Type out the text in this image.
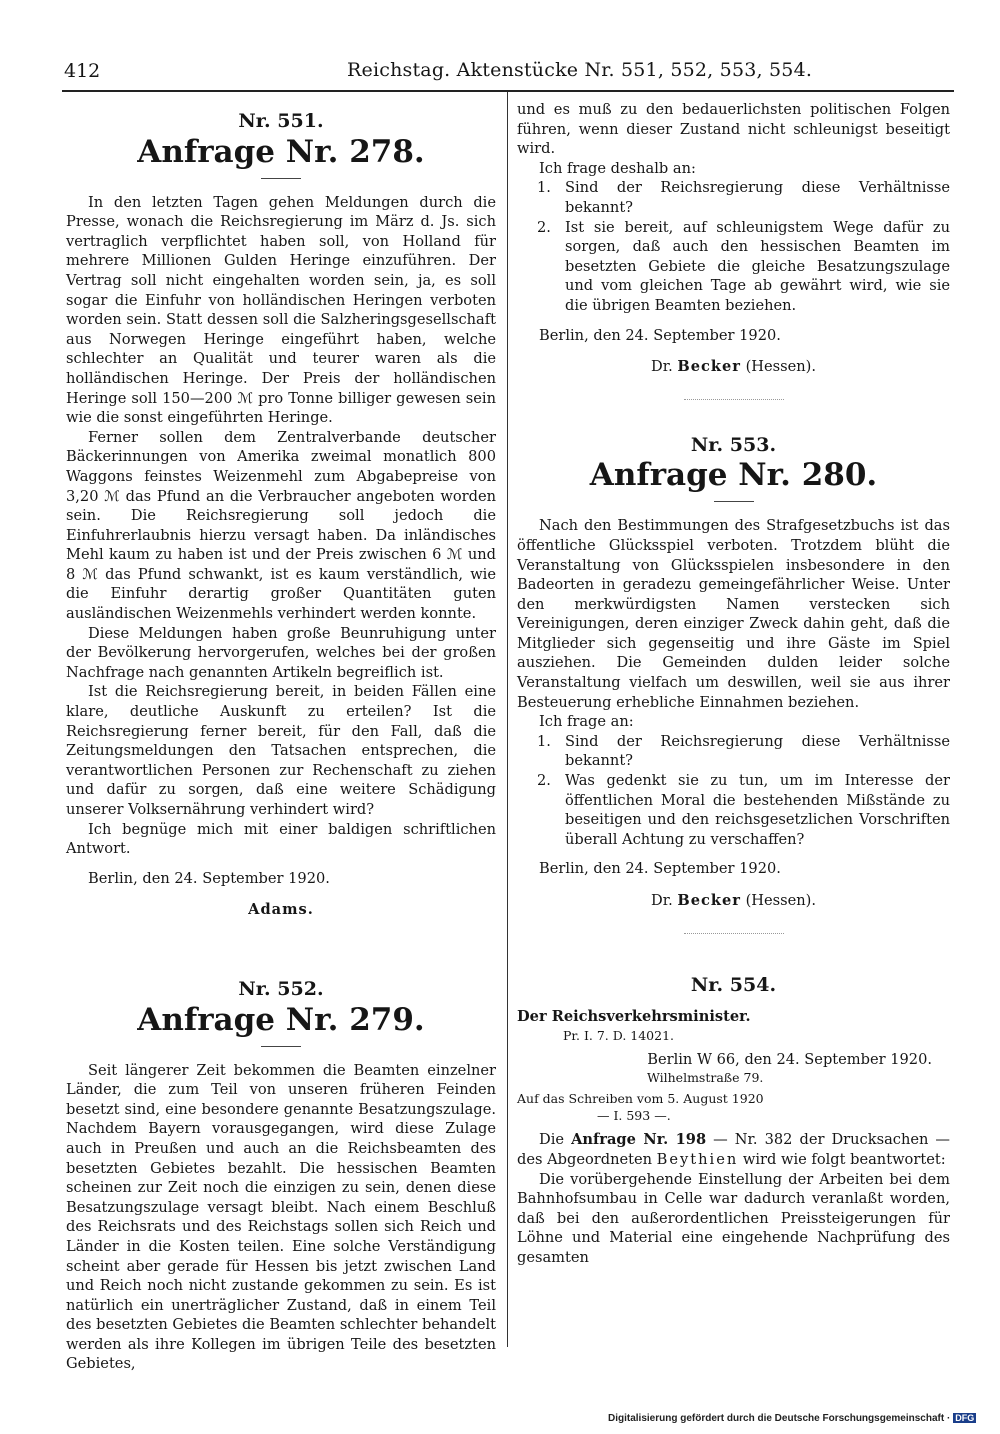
412	Reichstag. Aktenstücke Nr. 551, 552, 553, 554.

Nr. 551.

Anfrage Nr. 278.

In den letzten Tagen gehen Meldungen durch die Presse, wonach die Reichsregierung im März d. Js. sich vertraglich verpflichtet haben soll, von Holland für mehrere Millionen Gulden Heringe einzuführen. Der Vertrag soll nicht eingehalten worden sein, ja, es soll sogar die Einfuhr von holländischen Heringen verboten worden sein. Statt dessen soll die Salzheringsgesellschaft aus Norwegen Heringe eingeführt haben, welche schlechter an Qualität und teurer waren als die holländischen Heringe. Der Preis der holländischen Heringe soll 150—200 ℳ pro Tonne billiger gewesen sein wie die sonst eingeführten Heringe.

Ferner sollen dem Zentralverbande deutscher Bäckerinnungen von Amerika zweimal monatlich 800 Waggons feinstes Weizenmehl zum Abgabepreise von 3,20 ℳ das Pfund an die Verbraucher angeboten worden sein. Die Reichsregierung soll jedoch die Einfuhrerlaubnis hierzu versagt haben. Da inländisches Mehl kaum zu haben ist und der Preis zwischen 6 ℳ und 8 ℳ das Pfund schwankt, ist es kaum verständlich, wie die Einfuhr derartig großer Quantitäten guten ausländischen Weizenmehls verhindert werden konnte.

Diese Meldungen haben große Beunruhigung unter der Bevölkerung hervorgerufen, welches bei der großen Nachfrage nach genannten Artikeln begreiflich ist.

Ist die Reichsregierung bereit, in beiden Fällen eine klare, deutliche Auskunft zu erteilen? Ist die Reichsregierung ferner bereit, für den Fall, daß die Zeitungsmeldungen den Tatsachen entsprechen, die verantwortlichen Personen zur Rechenschaft zu ziehen und dafür zu sorgen, daß eine weitere Schädigung unserer Volksernährung verhindert wird?

Ich begnüge mich mit einer baldigen schriftlichen Antwort.

Berlin, den 24. September 1920.

Adams.

Nr. 552.

Anfrage Nr. 279.

Seit längerer Zeit bekommen die Beamten einzelner Länder, die zum Teil von unseren früheren Feinden besetzt sind, eine besondere genannte Besatzungszulage. Nachdem Bayern vorausgegangen, wird diese Zulage auch in Preußen und auch an die Reichsbeamten des besetzten Gebietes bezahlt. Die hessischen Beamten scheinen zur Zeit noch die einzigen zu sein, denen diese Besatzungszulage versagt bleibt. Nach einem Beschluß des Reichsrats und des Reichstags sollen sich Reich und Länder in die Kosten teilen. Eine solche Verständigung scheint aber gerade für Hessen bis jetzt zwischen Land und Reich noch nicht zustande gekommen zu sein. Es ist natürlich ein unerträglicher Zustand, daß in einem Teil des besetzten Gebietes die Beamten schlechter behandelt werden als ihre Kollegen im übrigen Teile des besetzten Gebietes,

und es muß zu den bedauerlichsten politischen Folgen führen, wenn dieser Zustand nicht schleunigst beseitigt wird.

Ich frage deshalb an:

1. Sind der Reichsregierung diese Verhältnisse bekannt?
2. Ist sie bereit, auf schleunigstem Wege dafür zu sorgen, daß auch den hessischen Beamten im besetzten Gebiete die gleiche Besatzungszulage und vom gleichen Tage ab gewährt wird, wie sie die übrigen Beamten beziehen.

Berlin, den 24. September 1920.

Dr. Becker (Hessen).

Nr. 553.

Anfrage Nr. 280.

Nach den Bestimmungen des Strafgesetzbuchs ist das öffentliche Glücksspiel verboten. Trotzdem blüht die Veranstaltung von Glücksspielen insbesondere in den Badeorten in geradezu gemeingefährlicher Weise. Unter den merkwürdigsten Namen verstecken sich Vereinigungen, deren einziger Zweck dahin geht, daß die Mitglieder sich gegenseitig und ihre Gäste im Spiel ausziehen. Die Gemeinden dulden leider solche Veranstaltung vielfach um deswillen, weil sie aus ihrer Besteuerung erhebliche Einnahmen beziehen.

Ich frage an:

1. Sind der Reichsregierung diese Verhältnisse bekannt?
2. Was gedenkt sie zu tun, um im Interesse der öffentlichen Moral die bestehenden Mißstände zu beseitigen und den reichsgesetzlichen Vorschriften überall Achtung zu verschaffen?

Berlin, den 24. September 1920.

Dr. Becker (Hessen).

Nr. 554.

Der Reichsverkehrsminister.

Pr. I. 7. D. 14021.

Berlin W 66, den 24. September 1920.

Wilhelmstraße 79.

Auf das Schreiben vom 5. August 1920

— I. 593 —.

Die Anfrage Nr. 198 — Nr. 382 der Drucksachen — des Abgeordneten Beythien wird wie folgt beantwortet:

Die vorübergehende Einstellung der Arbeiten bei dem Bahnhofsumbau in Celle war dadurch veranlaßt worden, daß bei den außerordentlichen Preissteigerungen für Löhne und Material eine eingehende Nachprüfung des gesamten

Digitalisierung gefördert durch die Deutsche Forschungsgemeinschaft · DFG
